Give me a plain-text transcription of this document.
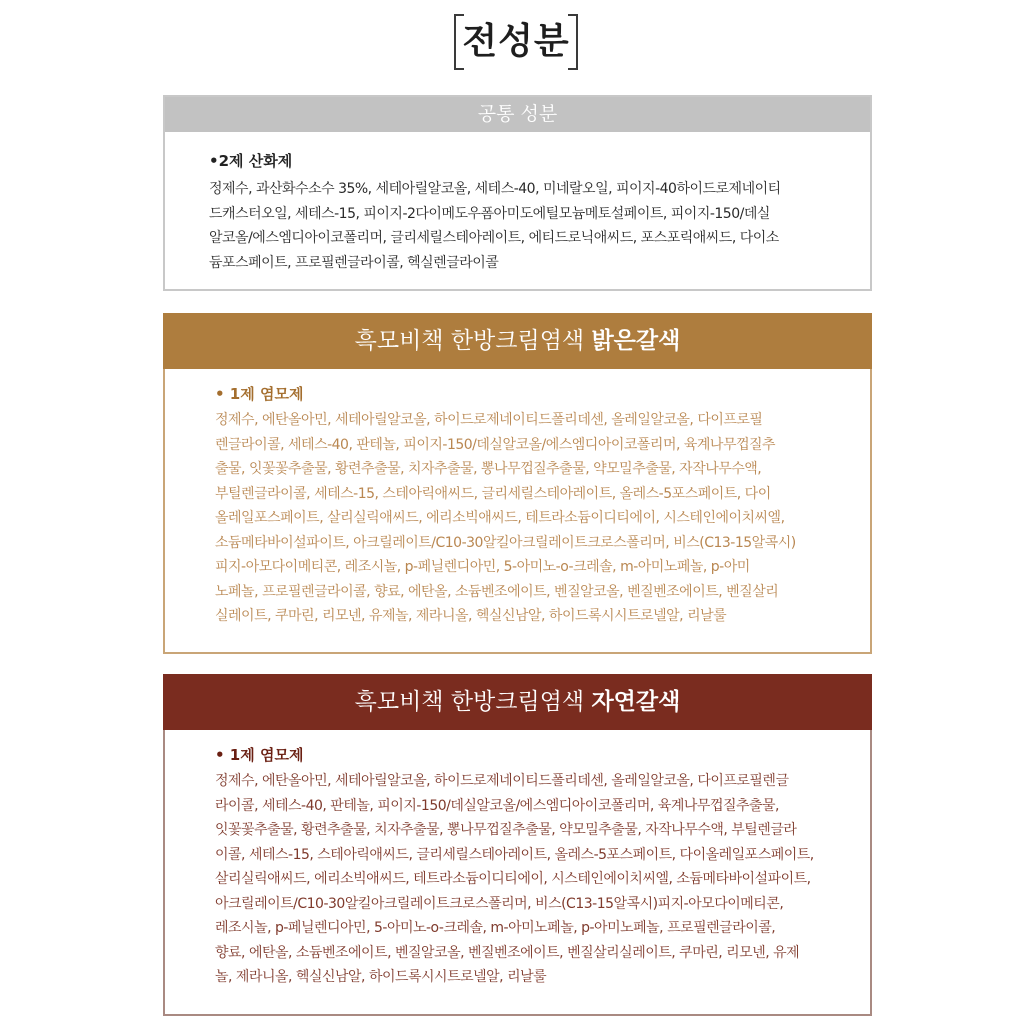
전성분
공통 성분

•2제 산화제

정제수, 과산화수소수 35%, 세테아릴알코올, 세테스-40, 미네랄오일, 피이지-40하이드로제네이티

드캐스터오일, 세테스-15, 피이지-2다이메도우폼아미도에틸모늄메토설페이트, 피이지-150/데실

알코올/에스엠디아이코폴리머, 글리세릴스테아레이트, 에티드로닉애씨드, 포스포릭애씨드, 다이소

듐포스페이트, 프로필렌글라이콜, 헥실렌글라이콜

흑모비책 한방크림염색 밝은갈색

• 1제 염모제

정제수, 에탄올아민, 세테아릴알코올, 하이드로제네이티드폴리데센, 올레일알코올, 다이프로필

렌글라이콜, 세테스-40, 판테놀, 피이지-150/데실알코올/에스엠디아이코폴리머, 육계나무껍질추

출물, 잇꽃꽃추출물, 황련추출물, 치자추출물, 뽕나무껍질추출물, 약모밀추출물, 자작나무수액,

부틸렌글라이콜, 세테스-15, 스테아릭애씨드, 글리세릴스테아레이트, 올레스-5포스페이트, 다이

올레일포스페이트, 살리실릭애씨드, 에리소빅애씨드, 테트라소듐이디티에이, 시스테인에이치씨엘,

소듐메타바이설파이트, 아크릴레이트/C10-30알킬아크릴레이트크로스폴리머, 비스(C13-15알콕시)

피지-아모다이메티콘, 레조시놀, p-페닐렌디아민, 5-아미노-o-크레솔, m-아미노페놀, p-아미

노페놀, 프로필렌글라이콜, 향료, 에탄올, 소듐벤조에이트, 벤질알코올, 벤질벤조에이트, 벤질살리

실레이트, 쿠마린, 리모넨, 유제놀, 제라니올, 헥실신남알, 하이드록시시트로넬알, 리날룰

흑모비책 한방크림염색 자연갈색

• 1제 염모제

정제수, 에탄올아민, 세테아릴알코올, 하이드로제네이티드폴리데센, 올레일알코올, 다이프로필렌글

라이콜, 세테스-40, 판테놀, 피이지-150/데실알코올/에스엠디아이코폴리머, 육계나무껍질추출물,

잇꽃꽃추출물, 황련추출물, 치자추출물, 뽕나무껍질추출물, 약모밀추출물, 자작나무수액, 부틸렌글라

이콜, 세테스-15, 스테아릭애씨드, 글리세릴스테아레이트, 올레스-5포스페이트, 다이올레일포스페이트,

살리실릭애씨드, 에리소빅애씨드, 테트라소듐이디티에이, 시스테인에이치씨엘, 소듐메타바이설파이트,

아크릴레이트/C10-30알킬아크릴레이트크로스폴리머, 비스(C13-15알콕시)피지-아모다이메티콘,

레조시놀, p-페닐렌디아민, 5-아미노-o-크레솔, m-아미노페놀, p-아미노페놀, 프로필렌글라이콜,

향료, 에탄올, 소듐벤조에이트, 벤질알코올, 벤질벤조에이트, 벤질살리실레이트, 쿠마린, 리모넨, 유제

놀, 제라니올, 헥실신남알, 하이드록시시트로넬알, 리날룰
